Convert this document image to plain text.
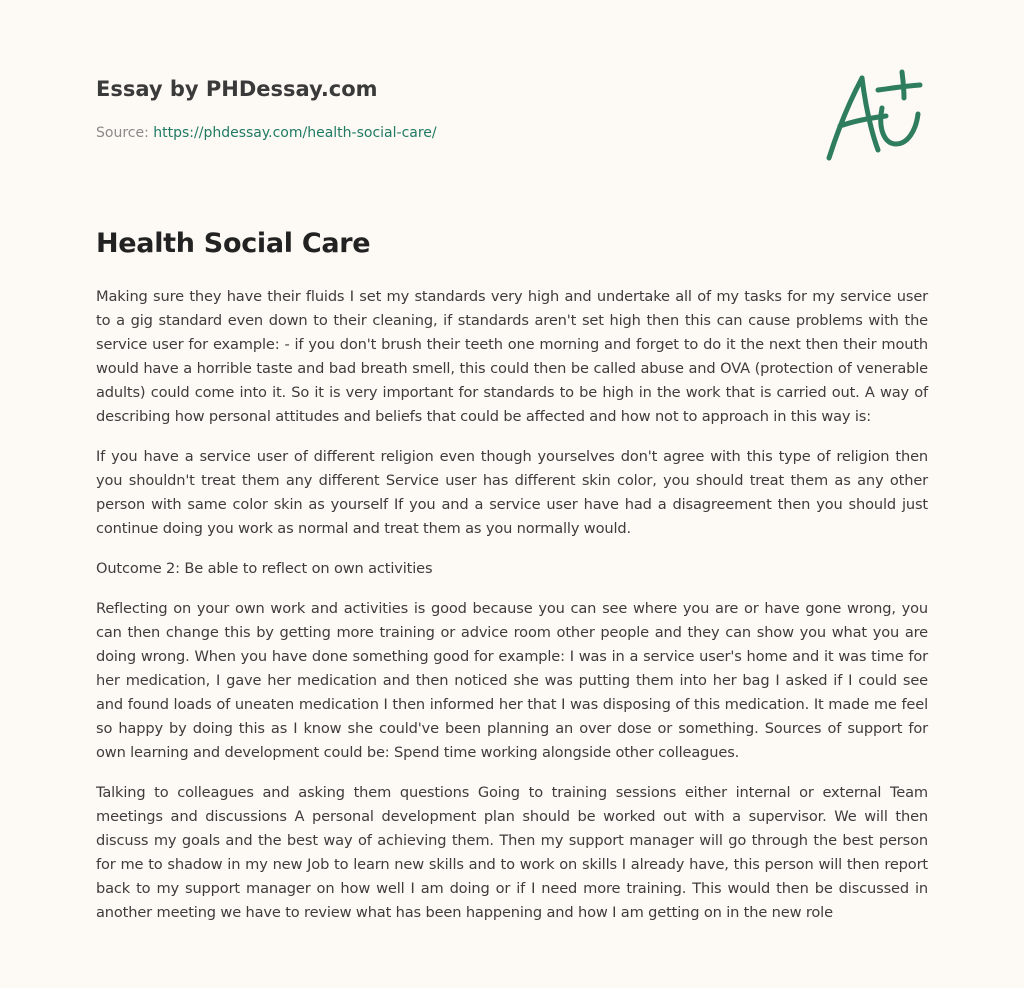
Essay by PHDessay.com
Source: https://phdessay.com/health-social-care/
Health Social Care

Making sure they have their fluids I set my standards very high and undertake all of my tasks for my service user to a gig standard even down to their cleaning, if standards aren't set high then this can cause problems with the service user for example: - if you don't brush their teeth one morning and forget to do it the next then their mouth would have a horrible taste and bad breath smell, this could then be called abuse and OVA (protection of venerable adults) could come into it. So it is very important for standards to be high in the work that is carried out. A way of describing how personal attitudes and beliefs that could be affected and how not to approach in this way is:

If you have a service user of different religion even though yourselves don't agree with this type of religion then you shouldn't treat them any different Service user has different skin color, you should treat them as any other person with same color skin as yourself If you and a service user have had a disagreement then you should just continue doing you work as normal and treat them as you normally would.

Outcome 2: Be able to reflect on own activities

Reflecting on your own work and activities is good because you can see where you are or have gone wrong, you can then change this by getting more training or advice room other people and they can show you what you are doing wrong. When you have done something good for example: I was in a service user's home and it was time for her medication, I gave her medication and then noticed she was putting them into her bag I asked if I could see and found loads of uneaten medication I then informed her that I was disposing of this medication. It made me feel so happy by doing this as I know she could've been planning an over dose or something. Sources of support for own learning and development could be: Spend time working alongside other colleagues.

Talking to colleagues and asking them questions Going to training sessions either internal or external Team meetings and discussions A personal development plan should be worked out with a supervisor. We will then discuss my goals and the best way of achieving them. Then my support manager will go through the best person for me to shadow in my new Job to learn new skills and to work on skills I already have, this person will then report back to my support manager on how well I am doing or if I need more training. This would then be discussed in another meeting we have to review what has been happening and how I am getting on in the new role
